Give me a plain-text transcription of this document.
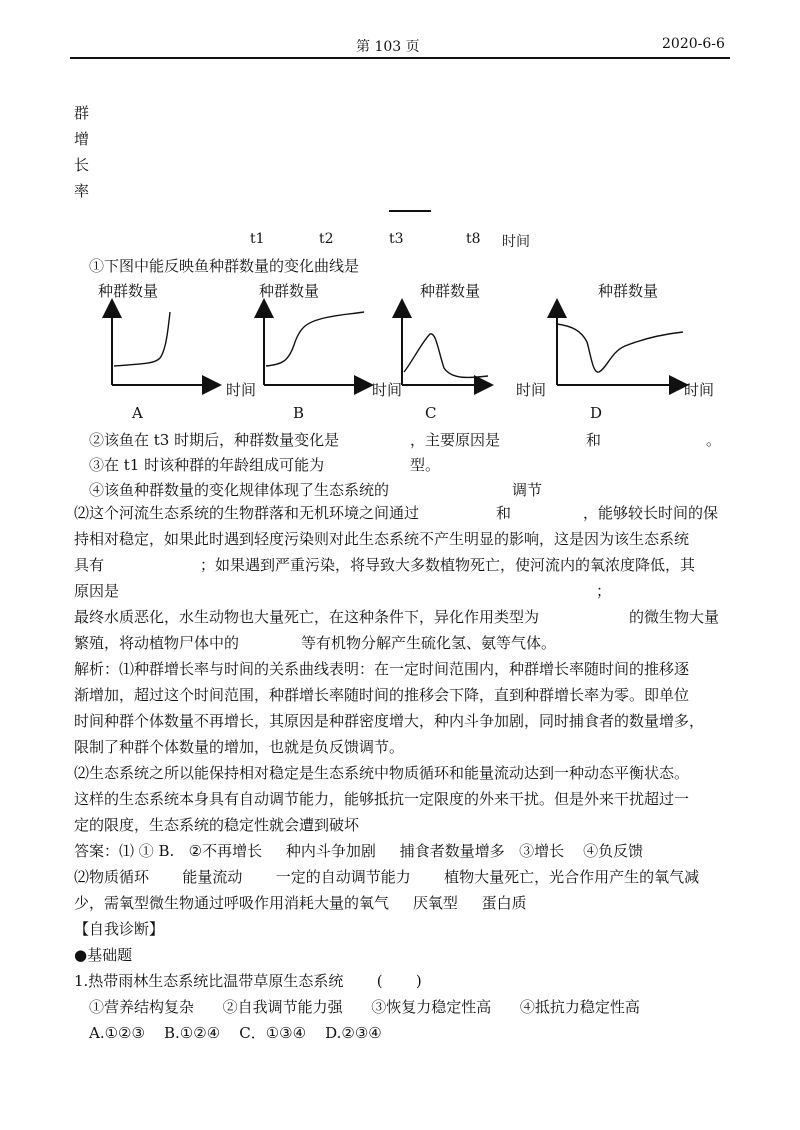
第 103 页	2020-6-6
群
增
长
率
t1	t2	t3	t8 时间
①下图中能反映鱼种群数量的变化曲线是
种群数量	种群数量	种群数量	种群数量
时间	时间	时间	时间
A	B	C	D
②该鱼在 t3 时期后，种群数量变化是	，主要原因是	和	。
③在 t1 时该种群的年龄组成可能为	型。
④该鱼种群数量的变化规律体现了生态系统的	调节
⑵这个河流生态系统的生物群落和无机环境之间通过	和	，能够较长时间的保
持相对稳定，如果此时遇到轻度污染则对此生态系统不产生明显的影响，这是因为该生态系统
具有	；如果遇到严重污染，将导致大多数植物死亡，使河流内的氧浓度降低，其
原因是	；
最终水质恶化，水生动物也大量死亡，在这种条件下，异化作用类型为	的微生物大量
繁殖，将动植物尸体中的	等有机物分解产生硫化氢、氨等气体。
解析：⑴种群增长率与时间的关系曲线表明：在一定时间范围内，种群增长率随时间的推移逐
渐增加，超过这个时间范围，种群增长率随时间的推移会下降，直到种群增长率为零。即单位
时间种群个体数量不再增长，其原因是种群密度增大，种内斗争加剧，同时捕食者的数量增多，
限制了种群个体数量的增加，也就是负反馈调节。
⑵生态系统之所以能保持相对稳定是生态系统中物质循环和能量流动达到一种动态平衡状态。
这样的生态系统本身具有自动调节能力，能够抵抗一定限度的外来干扰。但是外来干扰超过一
定的限度，生态系统的稳定性就会遭到破坏
答案：⑴ ① B.   ②不再增长     种内斗争加剧     捕食者数量增多   ③增长    ④负反馈
⑵物质循环       能量流动       一定的自动调节能力       植物大量死亡，光合作用产生的氧气减
少，需氧型微生物通过呼吸作用消耗大量的氧气     厌氧型     蛋白质
【自我诊断】
●基础题
1.热带雨林生态系统比温带草原生态系统       (       )
①营养结构复杂      ②自我调节能力强      ③恢复力稳定性高      ④抵抗力稳定性高
A.①②③    B.①②④    C．①③④    D.②③④
